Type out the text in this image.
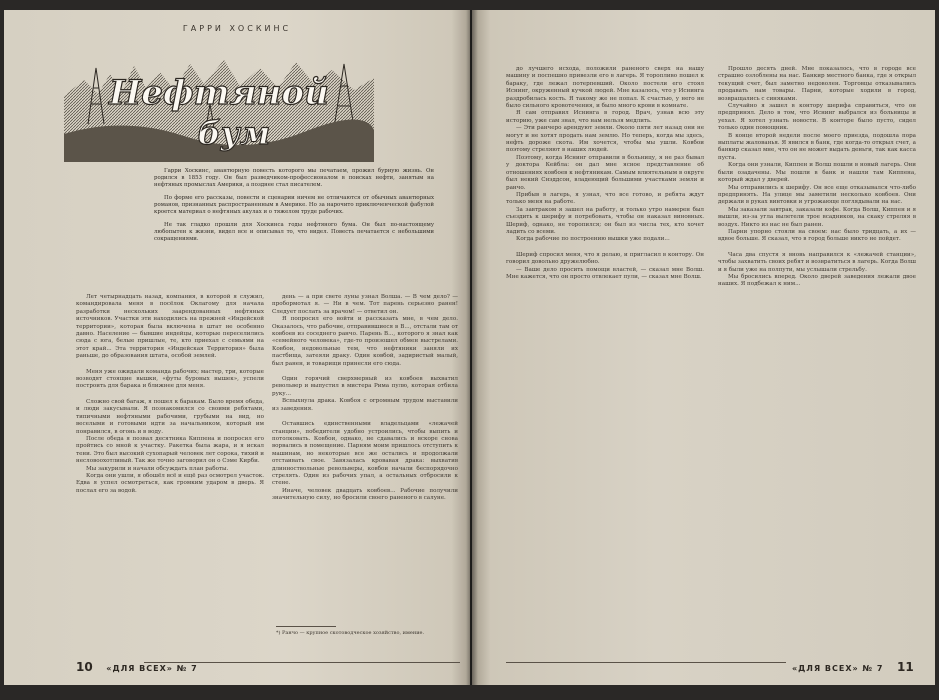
ГАРРИ ХОСКИНС
Нефтяной
бум

Гарри Хоскинс, авантюрную повесть которого мы печатаем, прожил бурную жизнь. Он родился в 1853 году. Он был разведчиком-профессионалом в поисках нефти, занятым на нефтяных промыслах Америки, а позднее стал писателем.

По форме его рассказы, повести и сценарии ничем не отличаются от обычных авантюрных романов, признанных распространенным в Америке. Но за нарочито приключенческой фабулой кроется материал о нефтяных акулах и о тяжелом труде рабочих.

Не так гладко прошли для Хоскинса годы нефтяного бума. Он был по-настоящему любопытен к жизни, видел все и описывал то, что видел. Повесть печатается с небольшими сокращениями.

Лет четырнадцать назад, компания, в которой я служил, командировала меня в посёлок Оклагому для начала разработки нескольких заарендованных нефтяных источников. Участки эти находились на прежней «Индейской территории», которая была включена в штат не особенно давно. Население — бывшие индейцы, которые переселились сюда с юга, белые пришлые, те, кто приехал с семьями на этот край... Эта территория «Индейская Территория» была раньше, до образования штата, особой землей.

Меня уже ожидали команда рабочих; мастер, три, которые возводят стоящие вышки, «футы буровых вышек», успели построить для барака и ближнее для меня.

Сложно свой багаж, я пошел к баракам. Было время обеда, и люди закусывали. Я познакомился со своими ребятами, типичными нефтяными рабочими, грубыми на вид, но веселыми и готовыми идти за начальником, который им понравился, в огонь и в воду.

После обеда я позвал десятника Киппена и попросил его пройтись со мной к участку. Ракетка была жара, и я искал тени. Это был высокий сухопарый человек лет сорока, тихий и несловоохотливый. Так же точно заговорил он о Сэме Кирби.

Мы закурили и начали обсуждать план работы.

Когда они ушли, я обошёл всё и ещё раз осмотрел участок. Едва я успел осмотреться, как громким ударом в дверь. Я послал его за водой.

день — а при свете луны узнал Волша. — В чем дело? — пробормотал я. — Ни в чем. Тот парень серьезно ранен! Следует послать за врачом! — ответил он.

Я попросил его войти и рассказать мне, в чем дело. Оказалось, что рабочие, отправившиеся в В..., отстали там от ковбоев из соседнего ранчо. Парень В..., которого я знал как «семейного человека», где-то произошел обмен выстрелами. Ковбои, недовольные тем, что нефтяники заняли их пастбища, затеяли драку. Один ковбой, задиристый малый, был ранен, и товарищи принесли его сюда.

Один горячий сверхмерный из ковбоев выхватил револьвер и выпустил в мистера Рима пулю, которая отбила руку...

Вспыхнула драка. Ковбоя с огромным трудом выставили из заведения.

Оставшись единственными владельцами «лежачей станции», победители удобно устроились, чтобы выпить и потолковать. Ковбои, однако, не сдавались и вскоре снова ворвались в помещение. Парням моим пришлось отступить к машинам, но некоторые все же остались и продолжали отстаивать свое. Завязалась кровавая драка: выхватив длинноствольные револьверы, ковбои начали беспорядочно стрелять. Один из рабочих упал, а остальных отбросили к стене.

Иначе, человек двадцать ковбоев... Рабочие получили значительную силу, но бросили своего раненого в салуне.

*) Ранчо — крупное скотоводческое хозяйство, имение.
10 «ДЛЯ ВСЕХ» № 7

до лучшего исхода, положили раненого сверх на нашу машину и поспешно привезли его в лагерь. Я торопливо пошел к бараку, где лежал потерпевший. Около постели его стоял Иснинг, окруженный кучкой людей. Мне казалось, что у Иснинга раздробилась кость. Я такому же не попал. К счастью, у него не было сильного кровотечения, и было много крови в комнате.

Я сам отправил Иснинга в город. Врач, узнав всю эту историю, уже сам знал, что нам нельзя медлить.

— Эти ранчеро арендуют земли. Около пяти лет назад они не могут и не хотят продать нам землю. Но теперь, когда мы здесь, нефть дороже скота. Им хочется, чтобы мы ушли. Ковбои поэтому стреляют в наших людей.

Поэтому, когда Иснинг отправили в больницу, я не раз бывал у доктора Кейбла: он дал мне ясное представление об отношениях ковбоев к нефтяникам. Самым влиятельным в округе был некий Снэддсон, владеющий большими участками земли и ранчо.

Прибыв в лагерь, я узнал, что все готово, и ребята ждут только меня на работе.

За завтраком я зашел на работу, и только утро намерен был съездить к шерифу и потребовать, чтобы он наказал виновных. Шериф, однако, не торопился; он был из числа тех, кто хочет ладить со всеми.

Когда рабочие по построению вышки уже подали...

Шериф спросил меня, что я делаю, и пригласил в контору. Он говорил довольно дружелюбно.

— Ваше дело просить помощи властей, — сказал мне Волш. Мне кажется, что он просто отвлекает пули, — сказал мне Волш.

Прошло десять дней. Мне показалось, что в городе все страшно озлоблены на нас. Банкир местного банка, где я открыл текущий счет, был заметно недоволен. Торговцы отказывались продавать нам товары. Парни, которые ходили в город, возвращались с синяками.

Случайно я зашел в контору шерифа справиться, что он предпринял. Дело в том, что Иснинг выбрался из больницы и уехал. Я хотел узнать новости. В конторе было пусто, сидел только один помощник.

В конце второй недели после моего приезда, подошла пора выплаты жалованья. Я явился в банк, где когда-то открыл счет, а банкир сказал мне, что он не может выдать деньги, так как касса пуста.

Когда они узнали, Киппен и Волш пошли в новый лагерь. Они были озадачены. Мы пошли в банк и нашли там Киппена, который ждал у дверей.

Мы отправились к шерифу. Он все еще отказывался что-либо предпринять. На улице мы заметили несколько ковбоев. Они держали в руках винтовки и угрожающе поглядывали на нас.

Мы заказали завтрак, заказали кофе. Когда Волш, Киппен и я вышли, из-за угла вылетели трое всадников, на скаку стреляя в воздух. Никто из нас не был ранен.

Парни упорно стояли на своем: нас было тридцать, а их — вдвое больше. Я сказал, что в город больше никто не пойдет.

Часа два спустя я вновь направился к «лежачей станции», чтобы захватить своих ребят и возвратиться в лагерь. Когда Волш и я были уже на полпути, мы услышали стрельбу.

Мы бросились вперед. Около дверей заведения лежали двое наших. Я подбежал к ним...

«ДЛЯ ВСЕХ» № 7 11
